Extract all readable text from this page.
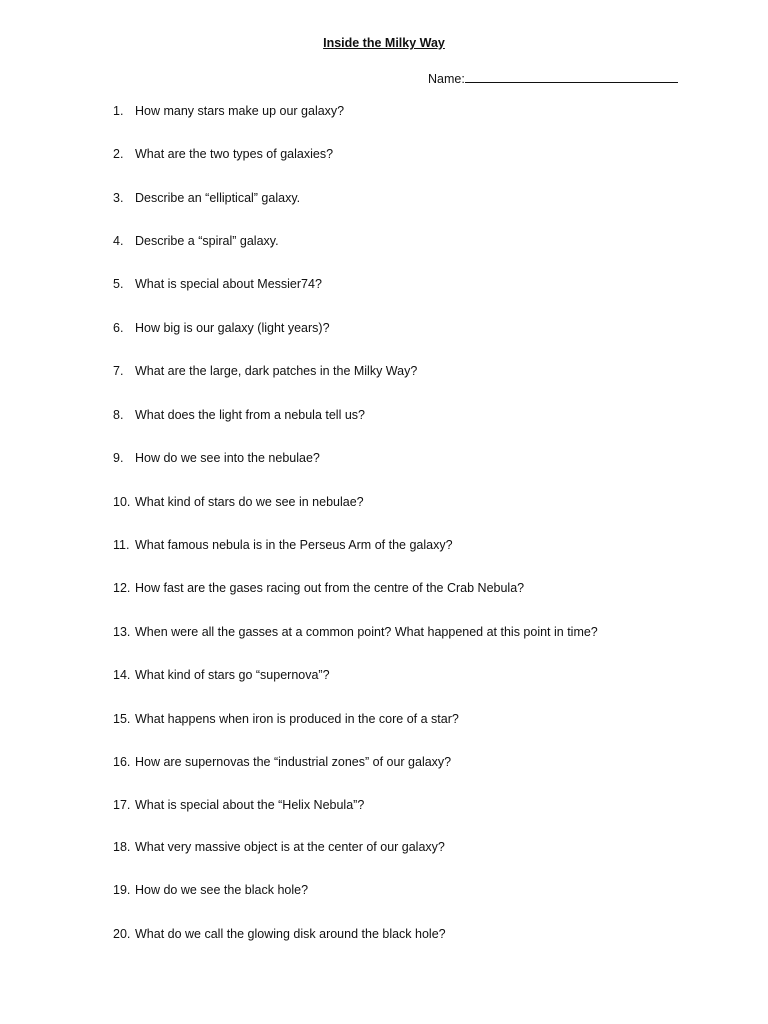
Inside the Milky Way
Name:
1. How many stars make up our galaxy?
2. What are the two types of galaxies?
3. Describe an “elliptical” galaxy.
4. Describe a “spiral” galaxy.
5. What is special about Messier74?
6. How big is our galaxy (light years)?
7. What are the large, dark patches in the Milky Way?
8. What does the light from a nebula tell us?
9. How do we see into the nebulae?
10. What kind of stars do we see in nebulae?
11. What famous nebula is in the Perseus Arm of the galaxy?
12. How fast are the gases racing out from the centre of the Crab Nebula?
13. When were all the gasses at a common point? What happened at this point in time?
14. What kind of stars go “supernova”?
15. What happens when iron is produced in the core of a star?
16. How are supernovas the “industrial zones” of our galaxy?
17. What is special about the “Helix Nebula”?
18. What very massive object is at the center of our galaxy?
19. How do we see the black hole?
20. What do we call the glowing disk around the black hole?
